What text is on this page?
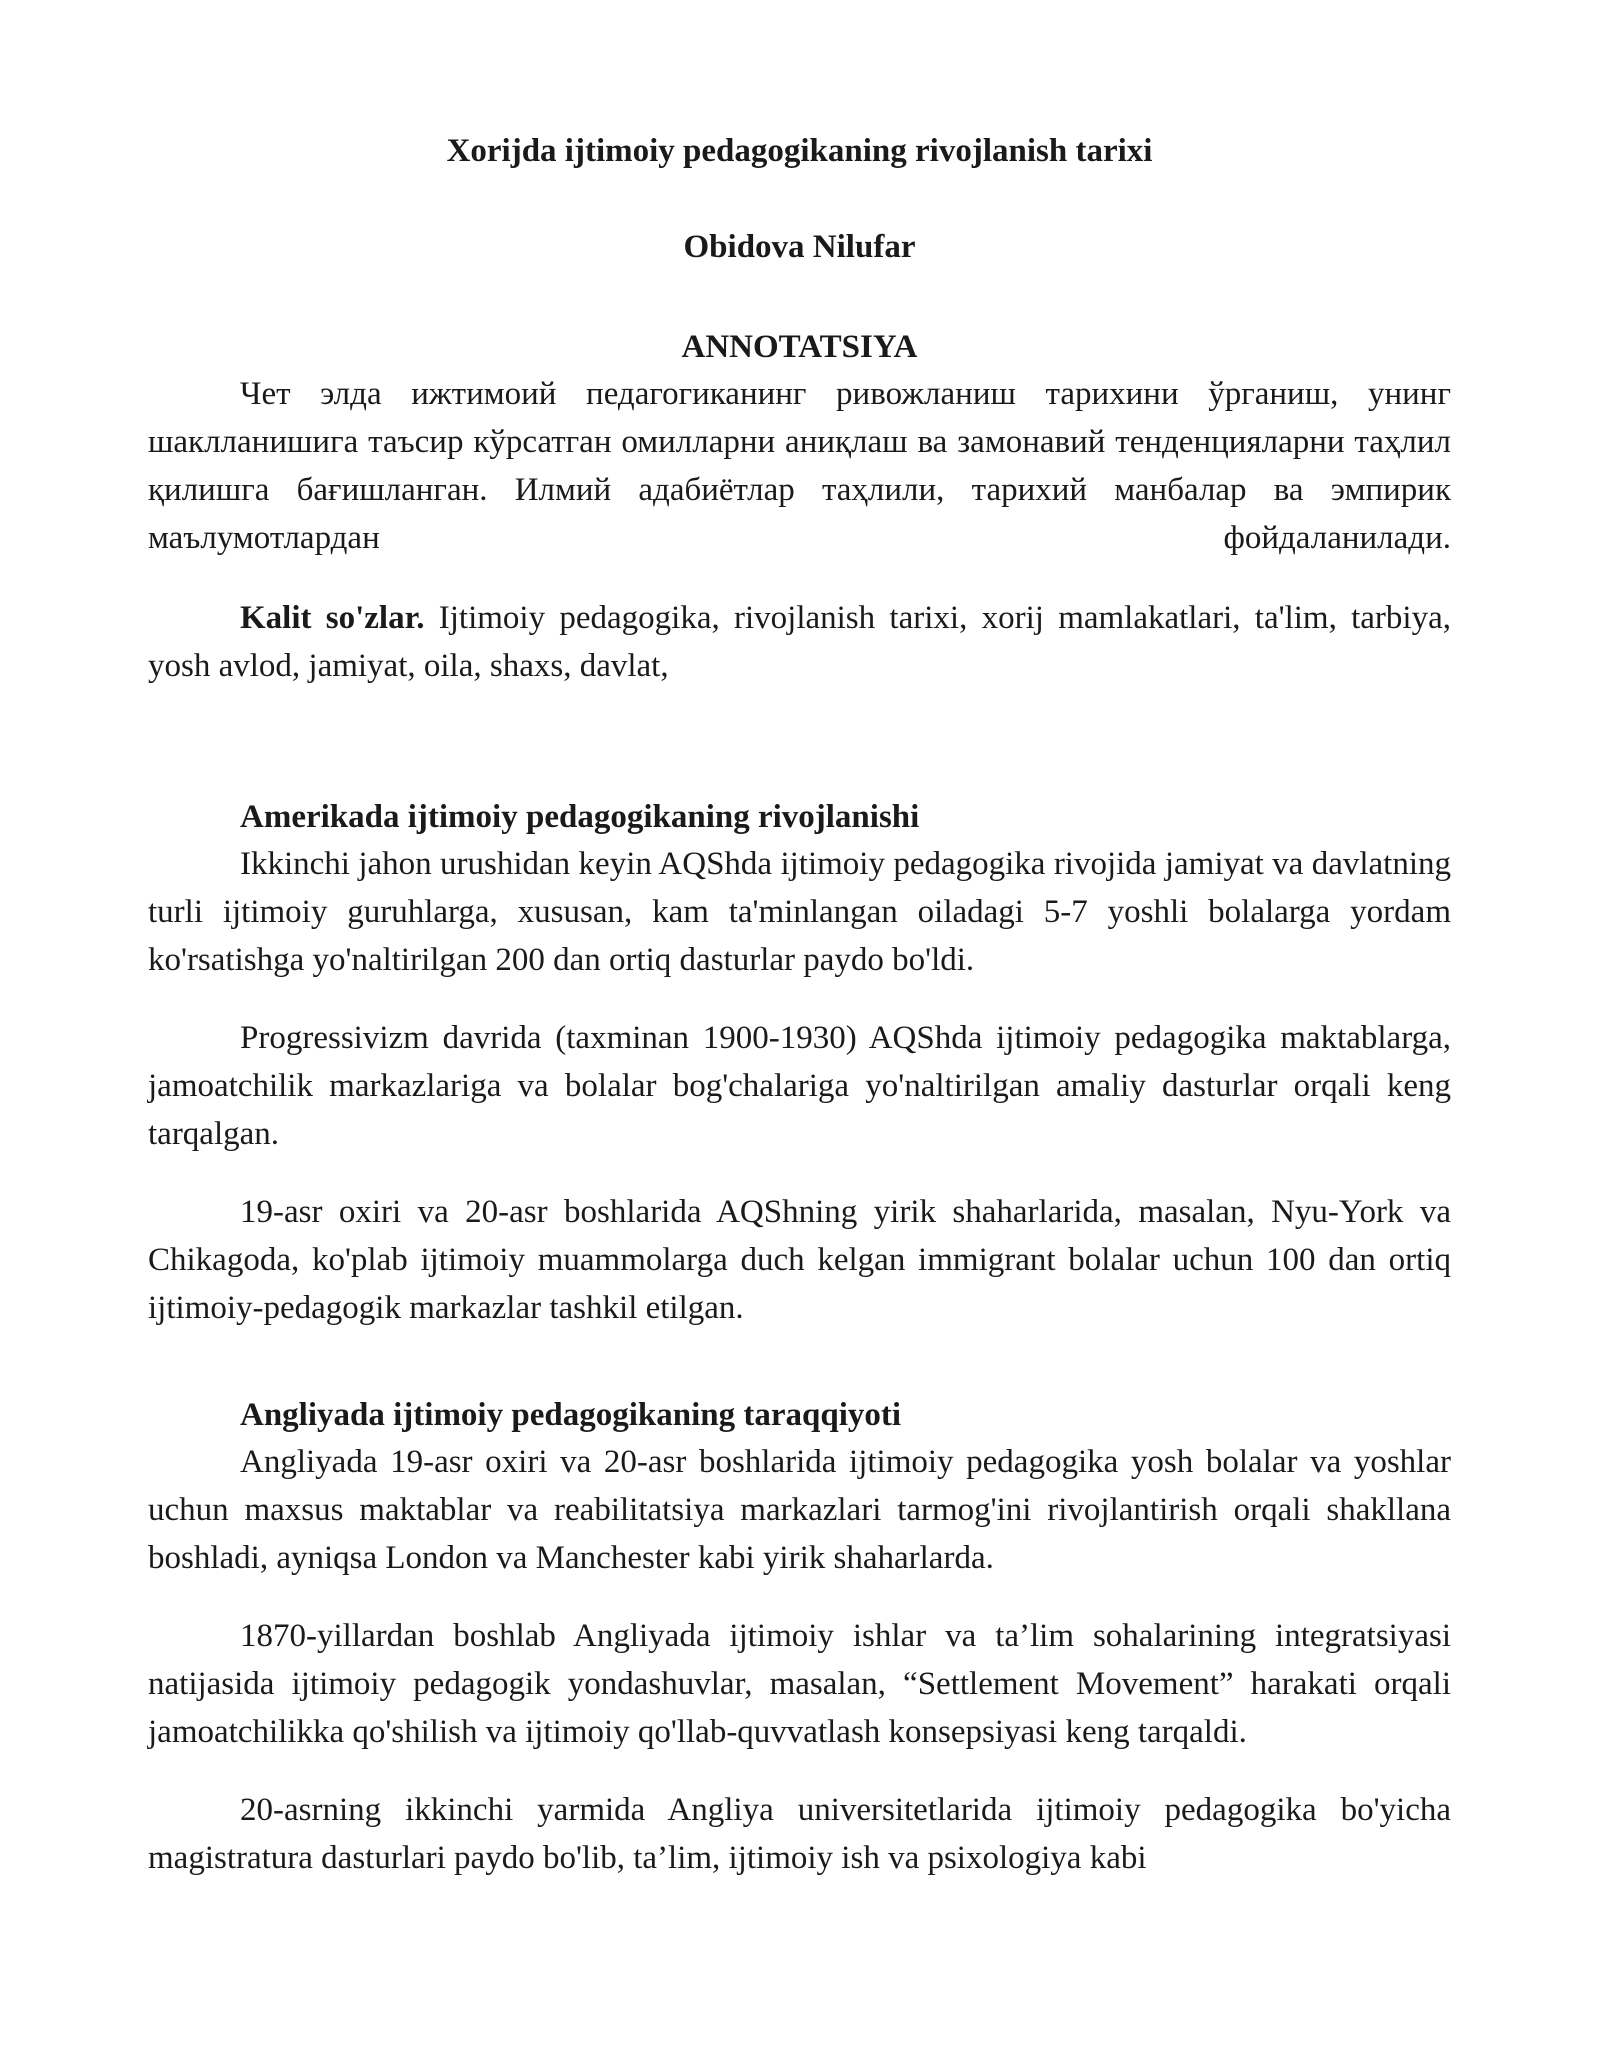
Xorijda ijtimoiy pedagogikaning rivojlanish tarixi
Obidova Nilufar
ANNOTATSIYA

Чет элда ижтимоий педагогиканинг ривожланиш тарихини ўрганиш, унинг шаклланишига таъсир кўрсатган омилларни аниқлаш ва замонавий тенденцияларни таҳлил қилишга бағишланган. Илмий адабиётлар таҳлили, тарихий манбалар ва эмпирик маълумотлардан фойдаланилади.

Kalit so'zlar. Ijtimoiy pedagogika, rivojlanish tarixi, xorij mamlakatlari, ta'lim, tarbiya, yosh avlod, jamiyat, oila, shaxs, davlat,

Amerikada ijtimoiy pedagogikaning rivojlanishi

Ikkinchi jahon urushidan keyin AQShda ijtimoiy pedagogika rivojida jamiyat va davlatning turli ijtimoiy guruhlarga, xususan, kam ta'minlangan oiladagi 5-7 yoshli bolalarga yordam ko'rsatishga yo'naltirilgan 200 dan ortiq dasturlar paydo bo'ldi.

Progressivizm davrida (taxminan 1900-1930) AQShda ijtimoiy pedagogika maktablarga, jamoatchilik markazlariga va bolalar bog'chalariga yo'naltirilgan amaliy dasturlar orqali keng tarqalgan.

19-asr oxiri va 20-asr boshlarida AQShning yirik shaharlarida, masalan, Nyu-York va Chikagoda, ko'plab ijtimoiy muammolarga duch kelgan immigrant bolalar uchun 100 dan ortiq ijtimoiy-pedagogik markazlar tashkil etilgan.

Angliyada ijtimoiy pedagogikaning taraqqiyoti

Angliyada 19-asr oxiri va 20-asr boshlarida ijtimoiy pedagogika yosh bolalar va yoshlar uchun maxsus maktablar va reabilitatsiya markazlari tarmog'ini rivojlantirish orqali shakllana boshladi, ayniqsa London va Manchester kabi yirik shaharlarda.

1870-yillardan boshlab Angliyada ijtimoiy ishlar va ta’lim sohalarining integratsiyasi natijasida ijtimoiy pedagogik yondashuvlar, masalan, “Settlement Movement” harakati orqali jamoatchilikka qo'shilish va ijtimoiy qo'llab-quvvatlash konsepsiyasi keng tarqaldi.

20-asrning ikkinchi yarmida Angliya universitetlarida ijtimoiy pedagogika bo'yicha magistratura dasturlari paydo bo'lib, ta’lim, ijtimoiy ish va psixologiya kabi
